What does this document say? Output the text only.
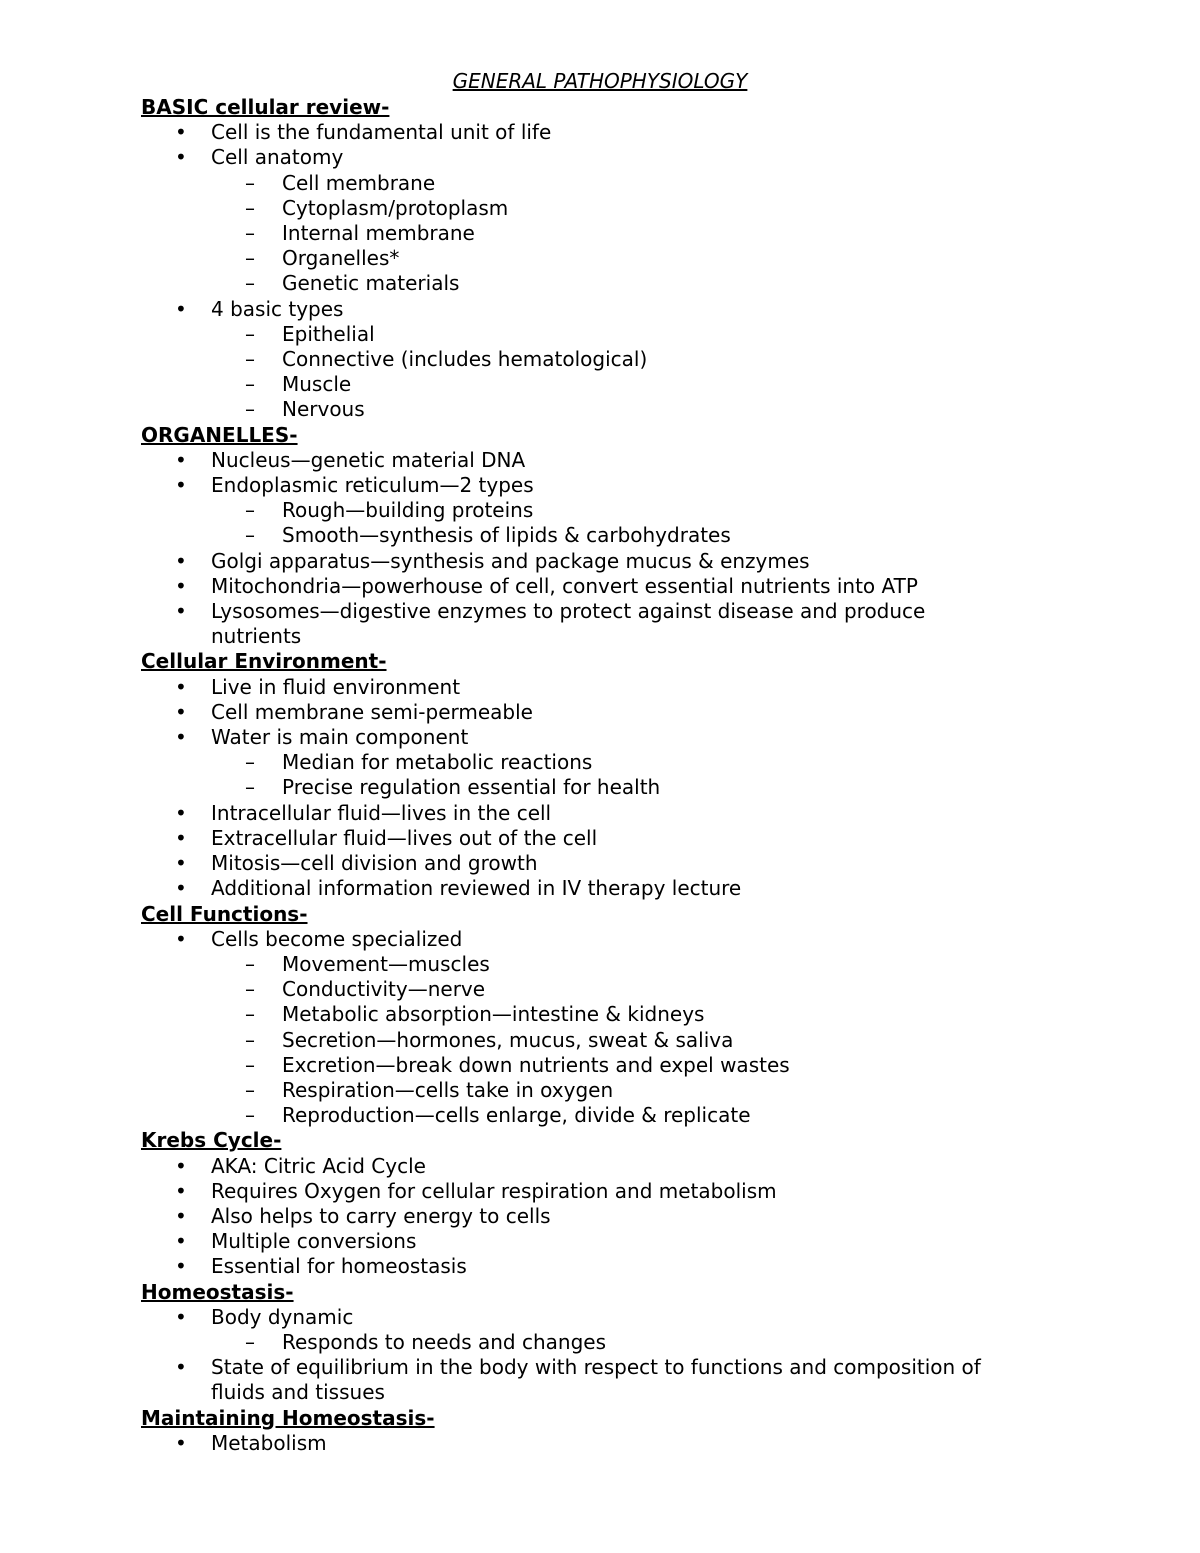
GENERAL PATHOPHYSIOLOGY
BASIC cellular review-
• Cell is the fundamental unit of life
• Cell anatomy
– Cell membrane
– Cytoplasm/protoplasm
– Internal membrane
– Organelles*
– Genetic materials
• 4 basic types
– Epithelial
– Connective (includes hematological)
– Muscle
– Nervous
ORGANELLES-
• Nucleus—genetic material DNA
• Endoplasmic reticulum—2 types
– Rough—building proteins
– Smooth—synthesis of lipids & carbohydrates
• Golgi apparatus—synthesis and package mucus & enzymes
• Mitochondria—powerhouse of cell, convert essential nutrients into ATP
• Lysosomes—digestive enzymes to protect against disease and produce
nutrients
Cellular Environment-
• Live in fluid environment
• Cell membrane semi-permeable
• Water is main component
– Median for metabolic reactions
– Precise regulation essential for health
• Intracellular fluid—lives in the cell
• Extracellular fluid—lives out of the cell
• Mitosis—cell division and growth
• Additional information reviewed in IV therapy lecture
Cell Functions-
• Cells become specialized
– Movement—muscles
– Conductivity—nerve
– Metabolic absorption—intestine & kidneys
– Secretion—hormones, mucus, sweat & saliva
– Excretion—break down nutrients and expel wastes
– Respiration—cells take in oxygen
– Reproduction—cells enlarge, divide & replicate
Krebs Cycle-
• AKA: Citric Acid Cycle
• Requires Oxygen for cellular respiration and metabolism
• Also helps to carry energy to cells
• Multiple conversions
• Essential for homeostasis
Homeostasis-
• Body dynamic
– Responds to needs and changes
• State of equilibrium in the body with respect to functions and composition of
fluids and tissues
Maintaining Homeostasis-
• Metabolism
